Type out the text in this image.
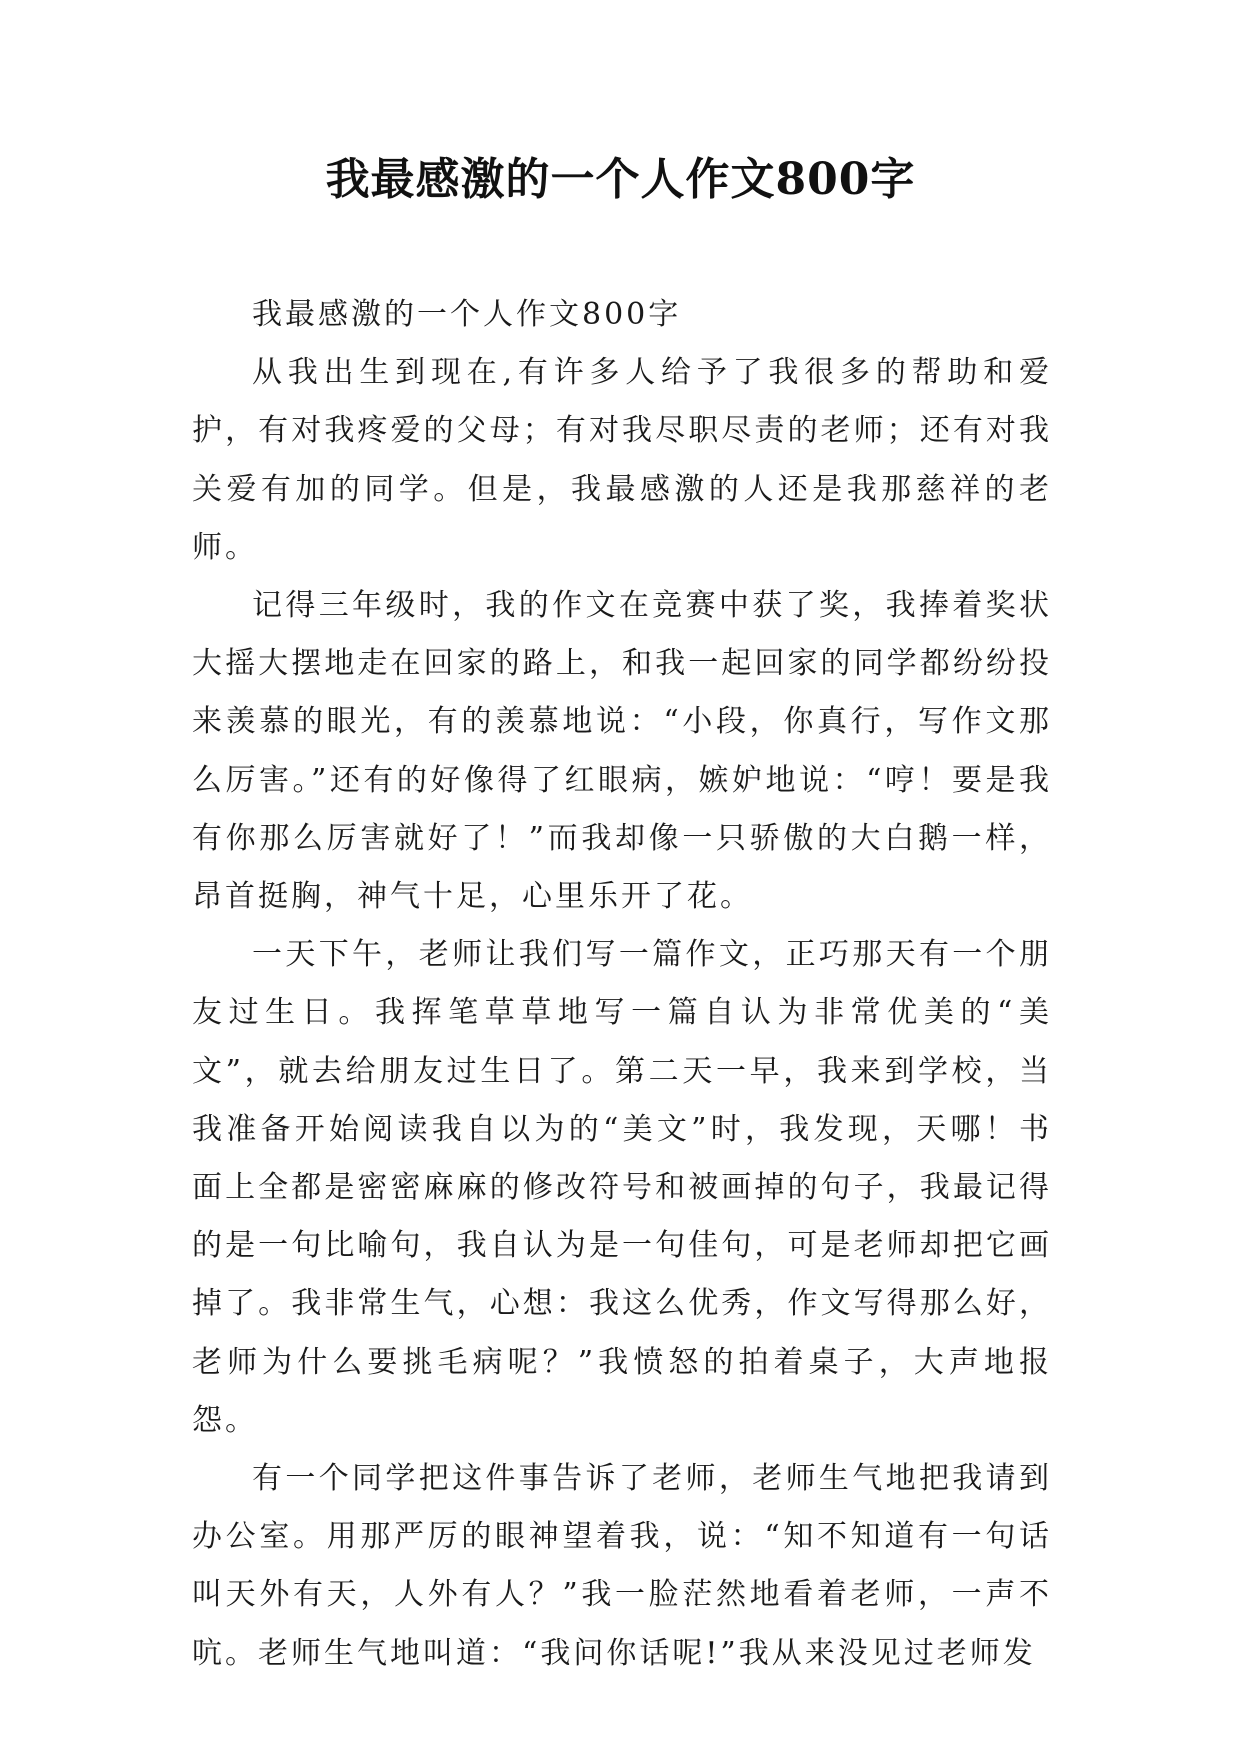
我最感激的一个人作文800字

我最感激的一个人作文800字

从我出生到现在,有许多人给予了我很多的帮助和爱护，有对我疼爱的父母；有对我尽职尽责的老师；还有对我关爱有加的同学。但是，我最感激的人还是我那慈祥的老师。

记得三年级时，我的作文在竞赛中获了奖，我捧着奖状大摇大摆地走在回家的路上，和我一起回家的同学都纷纷投来羡慕的眼光，有的羡慕地说：“小段，你真行，写作文那么厉害。”还有的好像得了红眼病，嫉妒地说：“哼！要是我有你那么厉害就好了！”而我却像一只骄傲的大白鹅一样，昂首挺胸，神气十足，心里乐开了花。

一天下午，老师让我们写一篇作文，正巧那天有一个朋友过生日。我挥笔草草地写一篇自认为非常优美的“美文”，就去给朋友过生日了。第二天一早，我来到学校，当我准备开始阅读我自以为的“美文”时，我发现，天哪！书面上全都是密密麻麻的修改符号和被画掉的句子，我最记得的是一句比喻句，我自认为是一句佳句，可是老师却把它画掉了。我非常生气，心想：我这么优秀，作文写得那么好，老师为什么要挑毛病呢？”我愤怒的拍着桌子，大声地报怨。

有一个同学把这件事告诉了老师，老师生气地把我请到办公室。用那严厉的眼神望着我，说：“知不知道有一句话叫天外有天，人外有人？”我一脸茫然地看着老师，一声不吭。老师生气地叫道：“我问你话呢!”我从来没见过老师发
